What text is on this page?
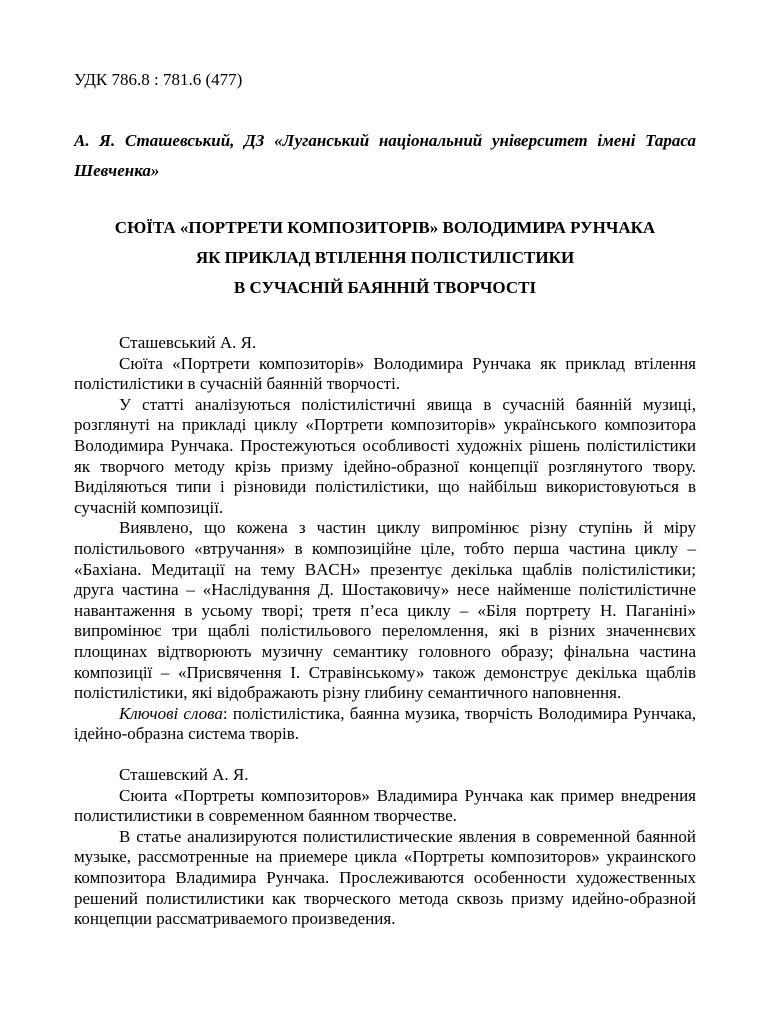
УДК 786.8 : 781.6 (477)
А. Я. Сташевський, ДЗ «Луганський національний університет імені Тараса Шевченка»
СЮЇТА «ПОРТРЕТИ КОМПОЗИТОРІВ» ВОЛОДИМИРА РУНЧАКА
ЯК ПРИКЛАД ВТІЛЕННЯ ПОЛІСТИЛІСТИКИ
В СУЧАСНІЙ БАЯННІЙ ТВОРЧОСТІ

Сташевський А. Я.

Сюїта «Портрети композиторів» Володимира Рунчака як приклад втілення полістилістики в сучасній баянній творчості.

У статті аналізуються полістилістичні явища в сучасній баянній музиці, розглянуті на прикладі циклу «Портрети композиторів» українського композитора Володимира Рунчака. Простежуються особливості художніх рішень полістилістики як творчого методу крізь призму ідейно-образної концепції розглянутого твору. Виділяються типи і різновиди полістилістики, що найбільш використовуються в сучасній композиції.

Виявлено, що кожена з частин циклу випромінює різну ступінь й міру полістильового «втручання» в композиційне ціле, тобто перша частина циклу – «Бахіана. Медитації на тему BACH» презентує декілька щаблів полістилістики; друга частина – «Наслідування Д. Шостаковичу» несе найменше полістилістичне навантаження в усьому творі; третя п’еса циклу – «Біля портрету Н. Паганіні» випромінює три щаблі полістильового переломлення, які в різних значеннєвих площинах відтворюють музичну семантику головного образу; фінальна частина композиції – «Присвячення І. Стравінському» також демонструє декілька щаблів полістилістики, які відображають різну глибину семантичного наповнення.

Ключові слова: полістилістика, баянна музика, творчість Володимира Рунчака, ідейно-образна система творів.

Сташевский А. Я.

Сюита «Портреты композиторов» Владимира Рунчака как пример внедрения полистилистики в современном баянном творчестве.

В статье анализируются полистилистические явления в современной баянной музыке, рассмотренные на приемере цикла «Портреты композиторов» украинского композитора Владимира Рунчака. Прослеживаются особенности художественных решений полистилистики как творческого метода сквозь призму идейно-образной концепции рассматриваемого произведения.
